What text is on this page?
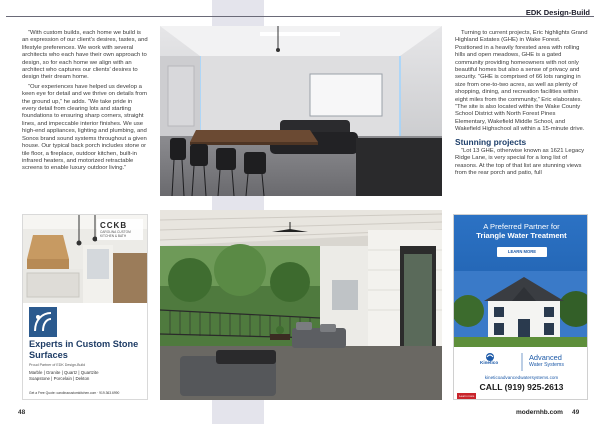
EDK Design-Build

“With custom builds, each home we build is an expression of our client’s desires, tastes, and lifestyle preferences. We work with several architects who each have their own approach to design, so for each home we align with an architect who captures our clients’ desires to design their dream home.

“Our experiences have helped us develop a keen eye for detail and we thrive on details from the ground up,” he adds. “We take pride in every detail from clearing lots and starting foundations to ensuring sharp corners, straight lines, and impeccable interior finishes. We use high-end appliances, lighting and plumbing, and Sonos brand sound systems throughout a given house. Our typical back porch includes stone or tile floor, a fireplace, outdoor kitchen, built-in infrared heaters, and motorized retractable screens to enable luxury outdoor living.”

Turning to current projects, Eric highlights Grand Highland Estates (GHE) in Wake Forest. Positioned in a heavily forested area with rolling hills and open meadows, GHE is a gated community providing homeowners with not only beautiful homes but also a sense of privacy and security. “GHE is comprised of 66 lots ranging in size from one-to-two acres, as well as plenty of shopping, dining, and recreation facilities within eight miles from the community,” Eric elaborates. “The site is also located within the Wake County School District with North Forest Pines Elementary, Wakefield Middle School, and Wakefield Highschool all within a 15-minute drive.

Stunning projects

“Lot 13 GHE, otherwise known as 1621 Legacy Ridge Lane, is very special for a long list of reasons. At the top of that list are stunning views from the rear porch and patio, full

CCKB
CAROLINA CUSTOM KITCHEN & BATH
Experts in Custom Stone Surfaces
Proud Partner of EDK Design-Build
Marble | Granite | Quartz | Quartzite
Soapstone | Porcelain | Dekton
Get a Free Quote: carolinacustomkitchen.com · 919.363.6990
A Preferred Partner for
Triangle Water Treatment
LEARN MORE
Kinetico
Advanced
Water Systems
kineticoadvancedwatersystems.com
CALL (919) 925-2613
Learn more
48	modernhb.com 49
